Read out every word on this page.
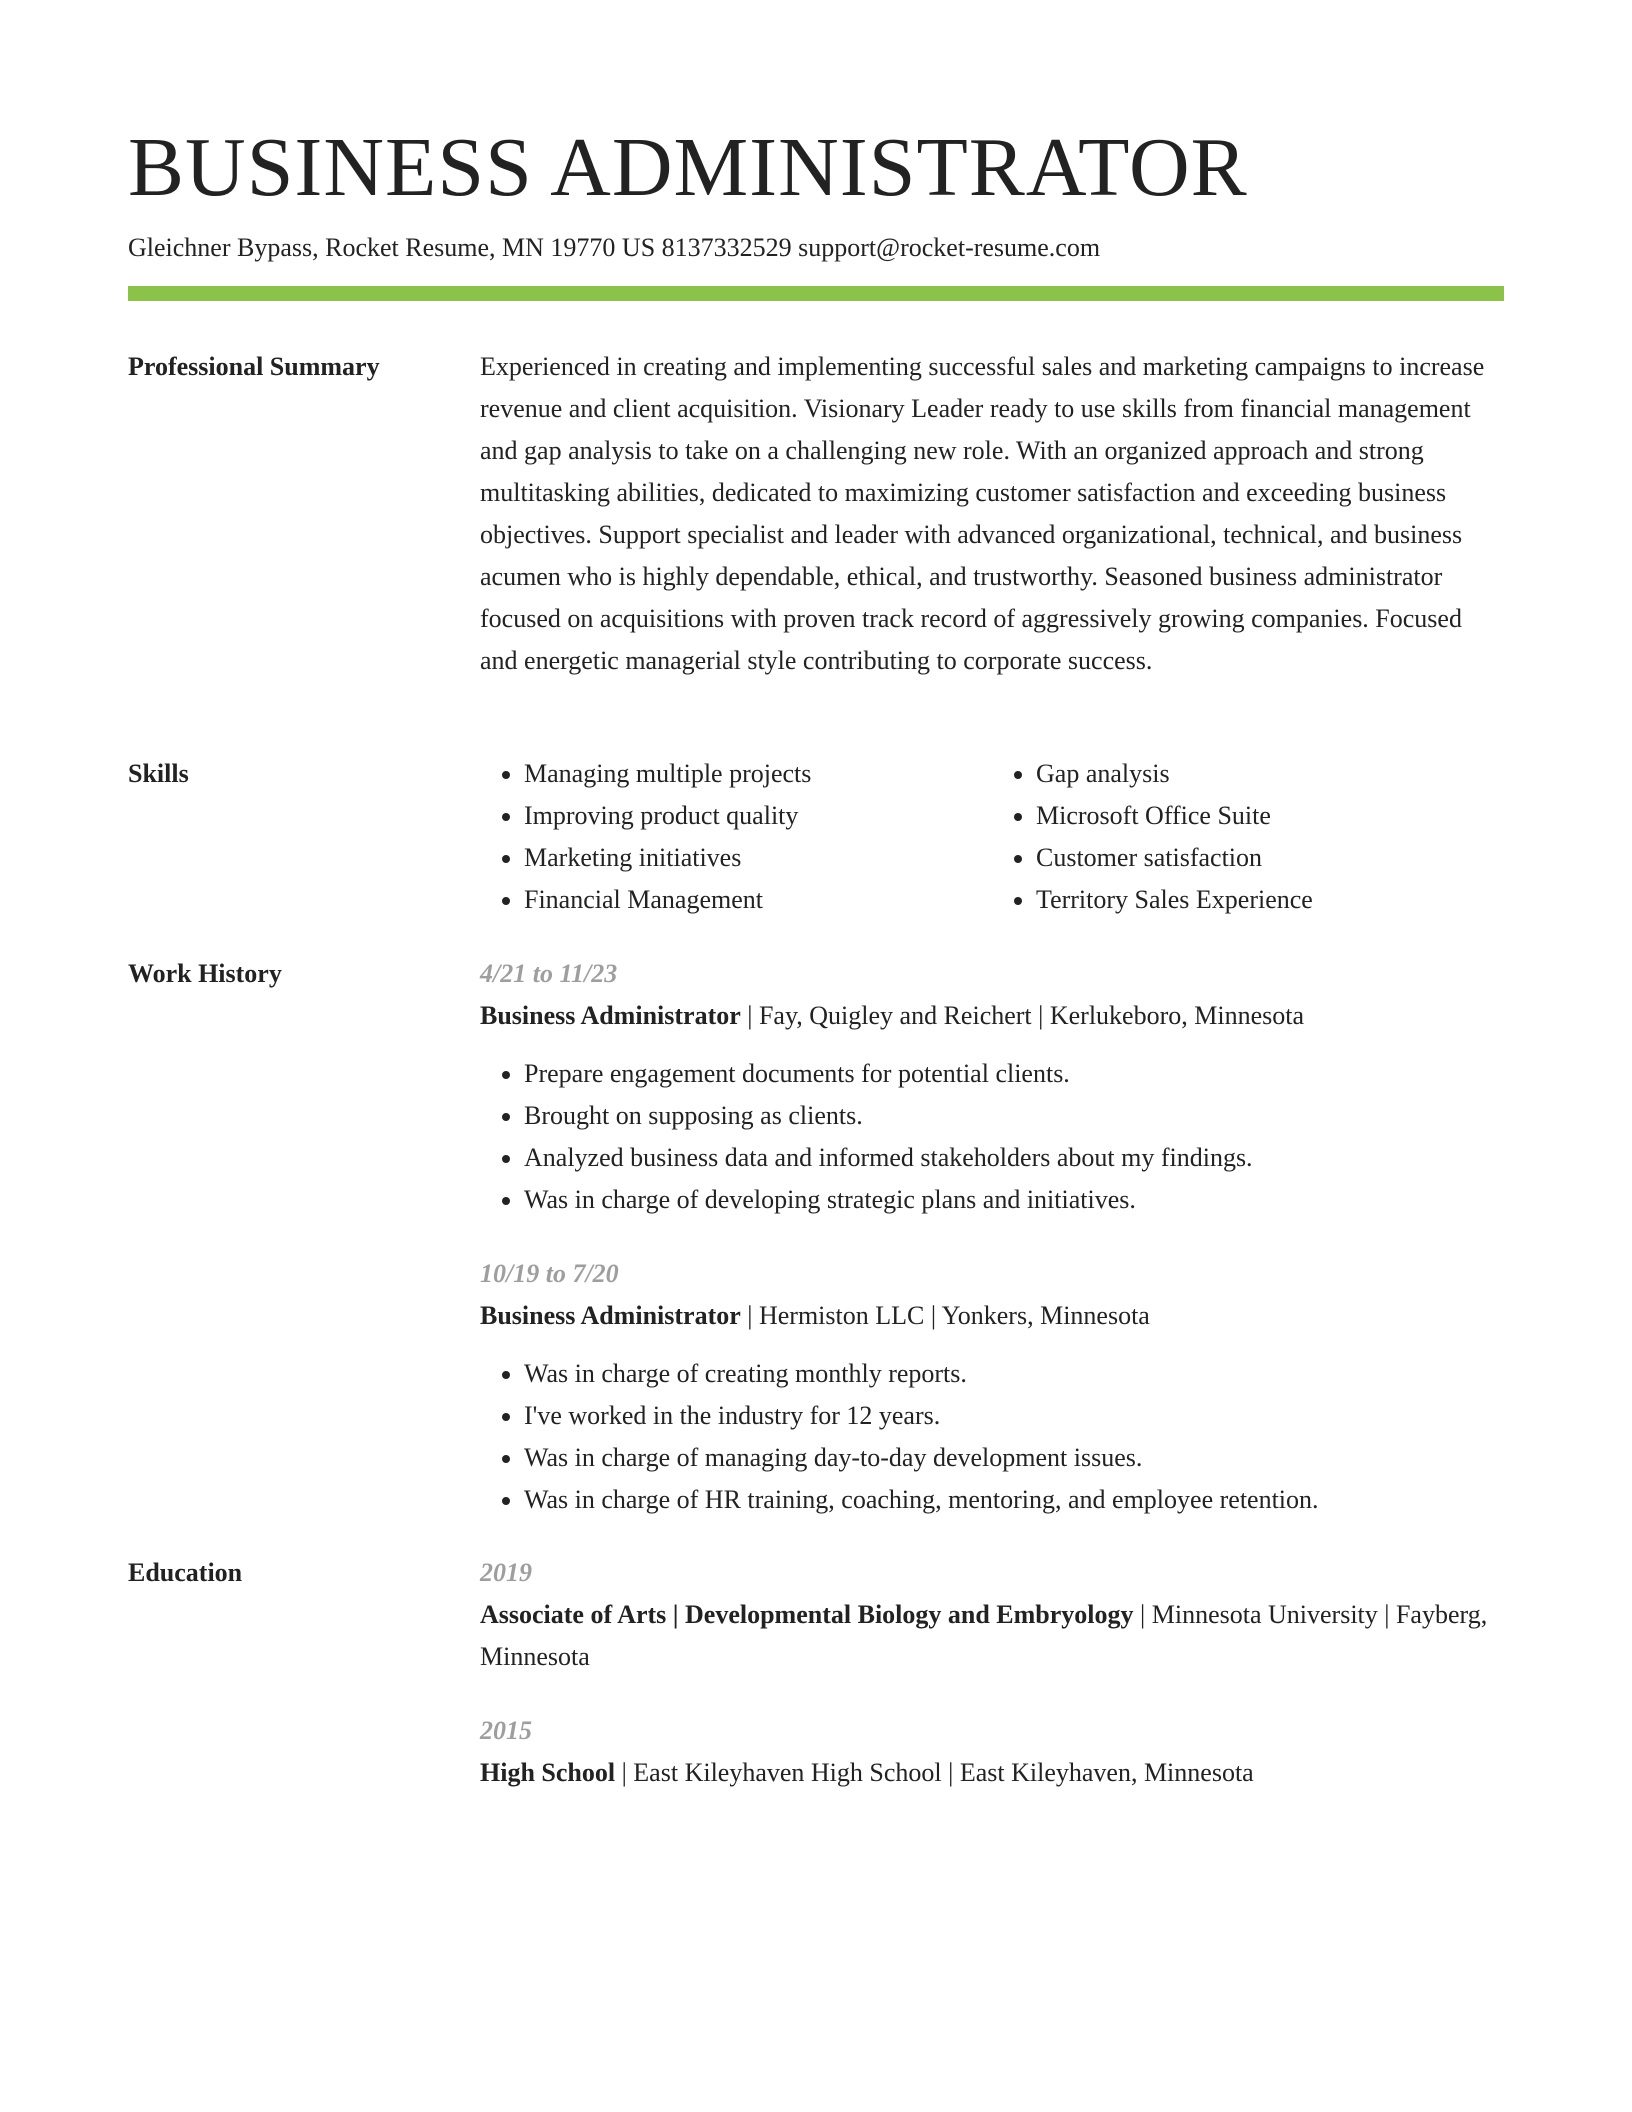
BUSINESS ADMINISTRATOR
Gleichner Bypass, Rocket Resume, MN 19770 US 8137332529 support@rocket-resume.com
Professional Summary	Experienced in creating and implementing successful sales and marketing campaigns to increase revenue and client acquisition. Visionary Leader ready to use skills from financial management and gap analysis to take on a challenging new role. With an organized approach and strong multitasking abilities, dedicated to maximizing customer satisfaction and exceeding business objectives. Support specialist and leader with advanced organizational, technical, and business acumen who is highly dependable, ethical, and trustworthy. Seasoned business administrator focused on acquisitions with proven track record of aggressively growing companies. Focused and energetic managerial style contributing to corporate success.

Skills
•	Managing multiple projects
• Improving product quality
• Marketing initiatives
• Financial Management
• Gap analysis
• Microsoft Office Suite
• Customer satisfaction
• Territory Sales Experience
Work History	4/21 to 11/23
Business Administrator | Fay, Quigley and Reichert | Kerlukeboro, Minnesota
• Prepare engagement documents for potential clients.
• Brought on supposing as clients.
• Analyzed business data and informed stakeholders about my findings.
• Was in charge of developing strategic plans and initiatives.
10/19 to 7/20
Business Administrator | Hermiston LLC | Yonkers, Minnesota
• Was in charge of creating monthly reports.
• I've worked in the industry for 12 years.
• Was in charge of managing day-to-day development issues.
• Was in charge of HR training, coaching, mentoring, and employee retention.
Education	2019
Associate of Arts | Developmental Biology and Embryology | Minnesota University | Fayberg, Minnesota
2015
High School | East Kileyhaven High School | East Kileyhaven, Minnesota
